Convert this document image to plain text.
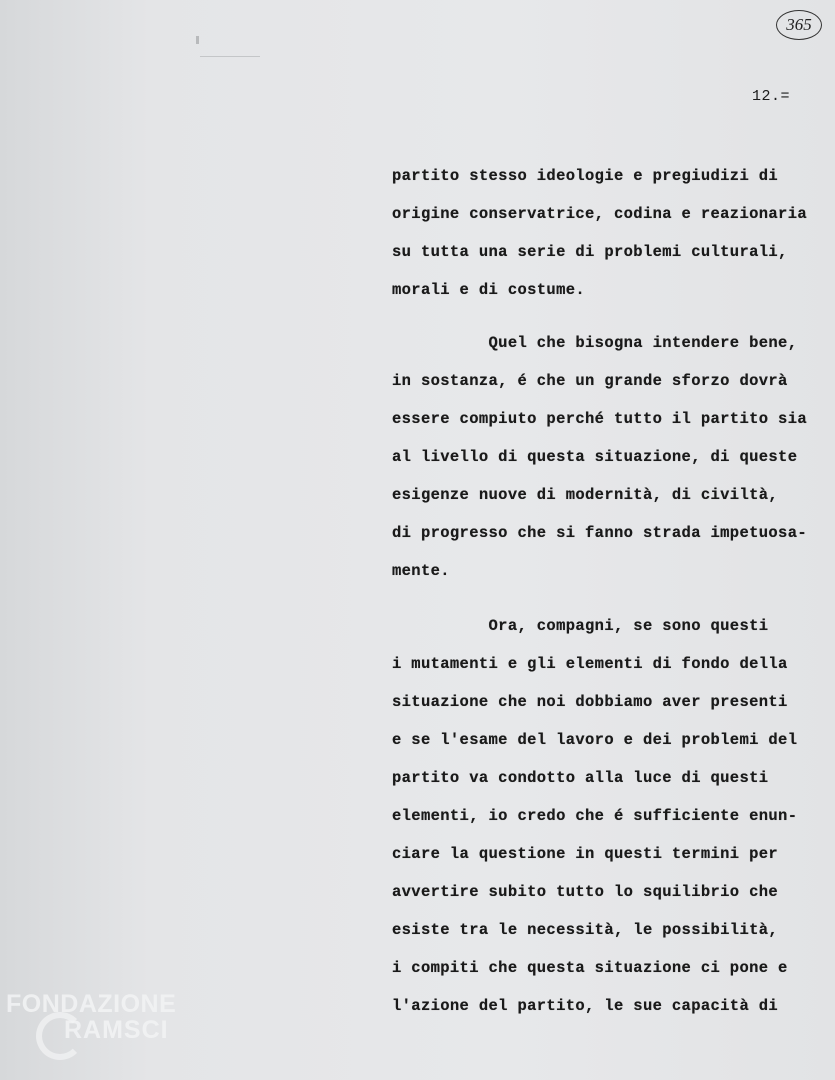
365
12.=
partito stesso ideologie e pregiudizi di
origine conservatrice, codina e reazionaria
su tutta una serie di problemi culturali,
morali e di costume.
Quel che bisogna intendere bene,
in sostanza, é che un grande sforzo dovrà
essere compiuto perché tutto il partito sia
al livello di questa situazione, di queste
esigenze nuove di modernità, di civiltà,
di progresso che si fanno strada impetuosa-
mente.
Ora, compagni, se sono questi
i mutamenti e gli elementi di fondo della
situazione che noi dobbiamo aver presenti
e se l'esame del lavoro e dei problemi del
partito va condotto alla luce di questi
elementi, io credo che é sufficiente enun-
ciare la questione in questi termini per
avvertire subito tutto lo squilibrio che
esiste tra le necessità, le possibilità,
i compiti che questa situazione ci pone e
l'azione del partito, le sue capacità di
FONDAZIONE
RAMSCI
